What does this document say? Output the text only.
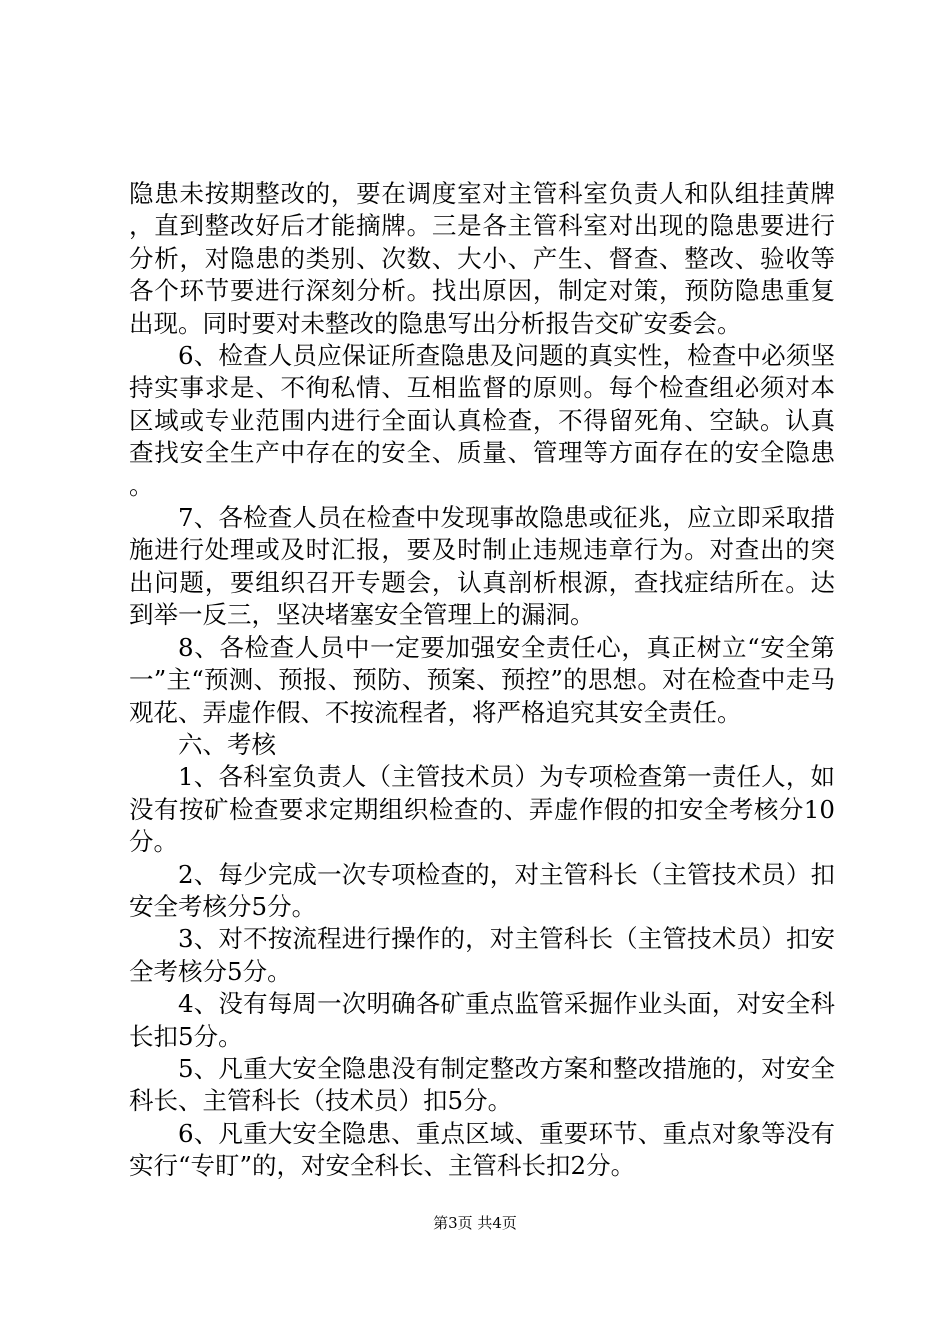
隐患未按期整改的，要在调度室对主管科室负责人和队组挂黄牌，直到整改好后才能摘牌。三是各主管科室对出现的隐患要进行分析，对隐患的类别、次数、大小、产生、督查、整改、验收等各个环节要进行深刻分析。找出原因，制定对策，预防隐患重复出现。同时要对未整改的隐患写出分析报告交矿安委会。

6、检查人员应保证所查隐患及问题的真实性，检查中必须坚持实事求是、不徇私情、互相监督的原则。每个检查组必须对本区域或专业范围内进行全面认真检查，不得留死角、空缺。认真查找安全生产中存在的安全、质量、管理等方面存在的安全隐患。

7、各检查人员在检查中发现事故隐患或征兆，应立即采取措施进行处理或及时汇报，要及时制止违规违章行为。对查出的突出问题，要组织召开专题会，认真剖析根源，查找症结所在。达到举一反三，坚决堵塞安全管理上的漏洞。

8、各检查人员中一定要加强安全责任心，真正树立“安全第一”主“预测、预报、预防、预案、预控”的思想。对在检查中走马观花、弄虚作假、不按流程者，将严格追究其安全责任。

六、考核

1、各科室负责人（主管技术员）为专项检查第一责任人，如没有按矿检查要求定期组织检查的、弄虚作假的扣安全考核分10分。

2、每少完成一次专项检查的，对主管科长（主管技术员）扣安全考核分5分。

3、对不按流程进行操作的，对主管科长（主管技术员）扣安全考核分5分。

4、没有每周一次明确各矿重点监管采掘作业头面，对安全科长扣5分。

5、凡重大安全隐患没有制定整改方案和整改措施的，对安全科长、主管科长（技术员）扣5分。

6、凡重大安全隐患、重点区域、重要环节、重点对象等没有实行“专盯”的，对安全科长、主管科长扣2分。

第3页 共4页
